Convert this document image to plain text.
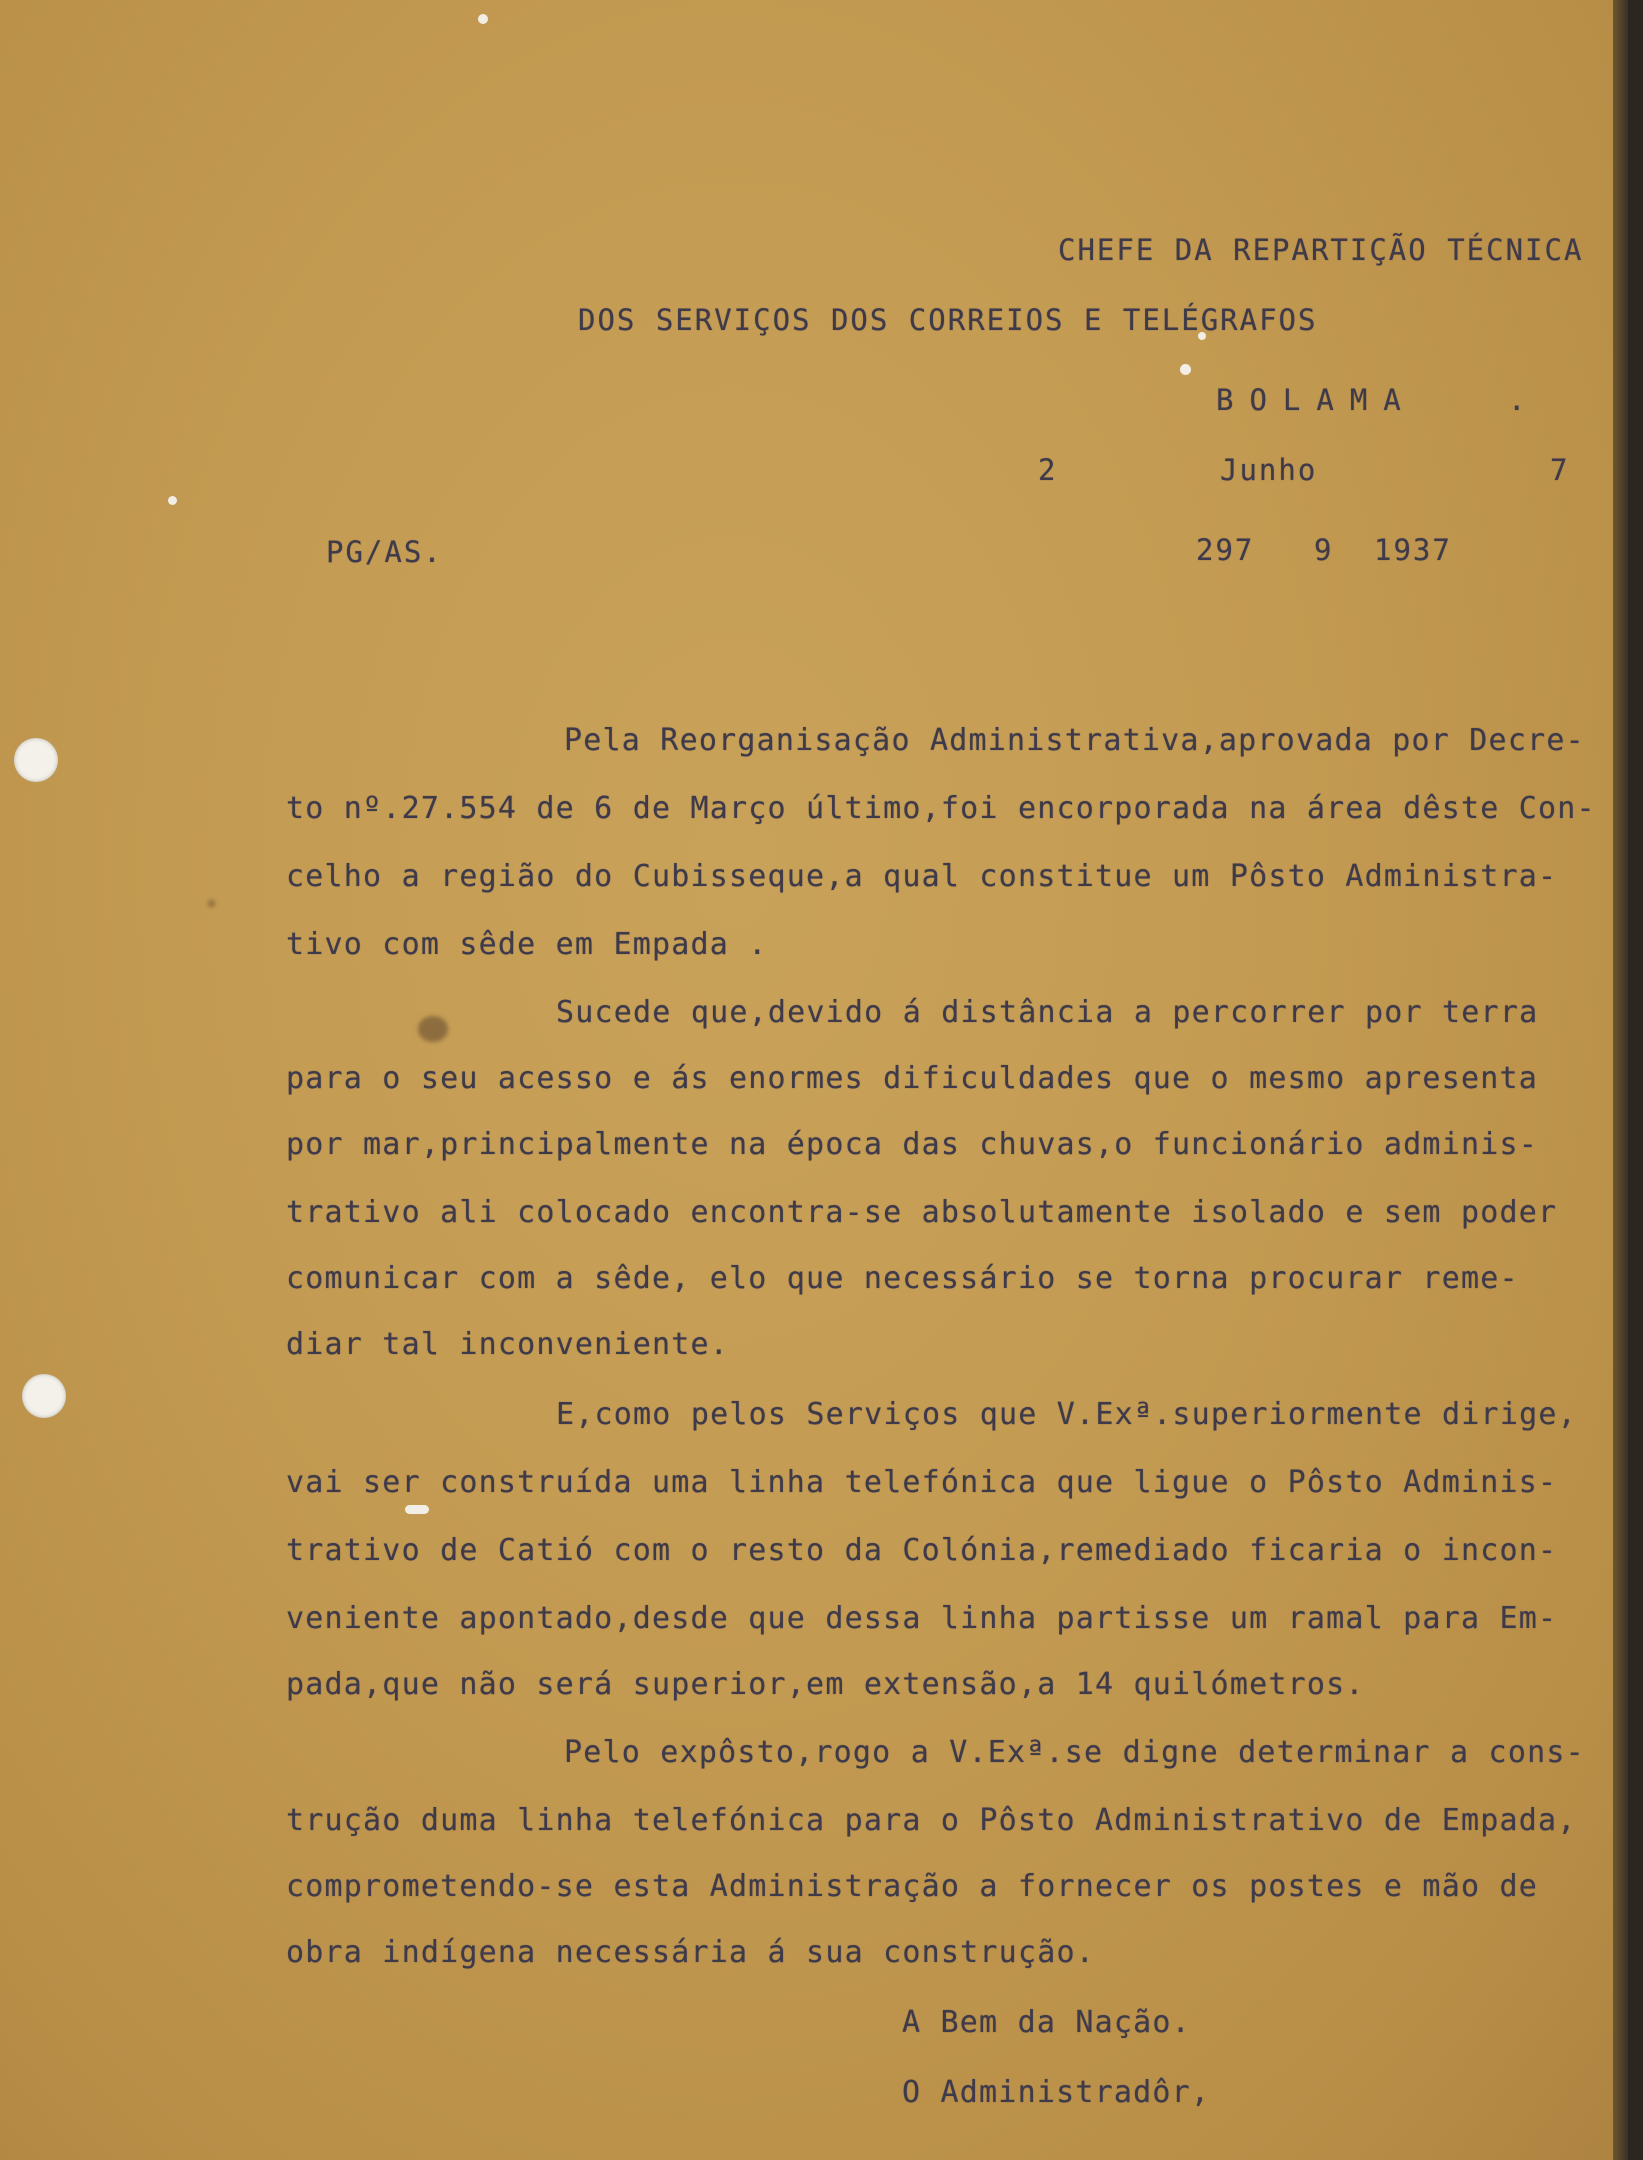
CHEFE DA REPARTIÇÃO TÉCNICA
DOS SERVIÇOS DOS CORREIOS E TELÉGRAFOS
BOLAMA	.
2	Junho	7
PG/AS.	297 9 1937
Pela Reorganisação Administrativa,aprovada por Decre-
to nº.27.554 de 6 de Março último,foi encorporada na área dêste Con-
celho a região do Cubisseque,a qual constitue um Pôsto Administra-
tivo com sêde em Empada .
Sucede que,devido á distância a percorrer por terra
para o seu acesso e ás enormes dificuldades que o mesmo apresenta
por mar,principalmente na época das chuvas,o funcionário adminis-
trativo ali colocado encontra-se absolutamente isolado e sem poder
comunicar com a sêde, elo que necessário se torna procurar reme-
diar tal inconveniente.
E,como pelos Serviços que V.Exª.superiormente dirige,
vai ser construída uma linha telefónica que ligue o Pôsto Adminis-
trativo de Catió com o resto da Colónia,remediado ficaria o incon-
veniente apontado,desde que dessa linha partisse um ramal para Em-
pada,que não será superior,em extensão,a 14 quilómetros.
Pelo expôsto,rogo a V.Exª.se digne determinar a cons-
trução duma linha telefónica para o Pôsto Administrativo de Empada,
comprometendo-se esta Administração a fornecer os postes e mão de
obra indígena necessária á sua construção.
A Bem da Nação.
O Administradôr,
